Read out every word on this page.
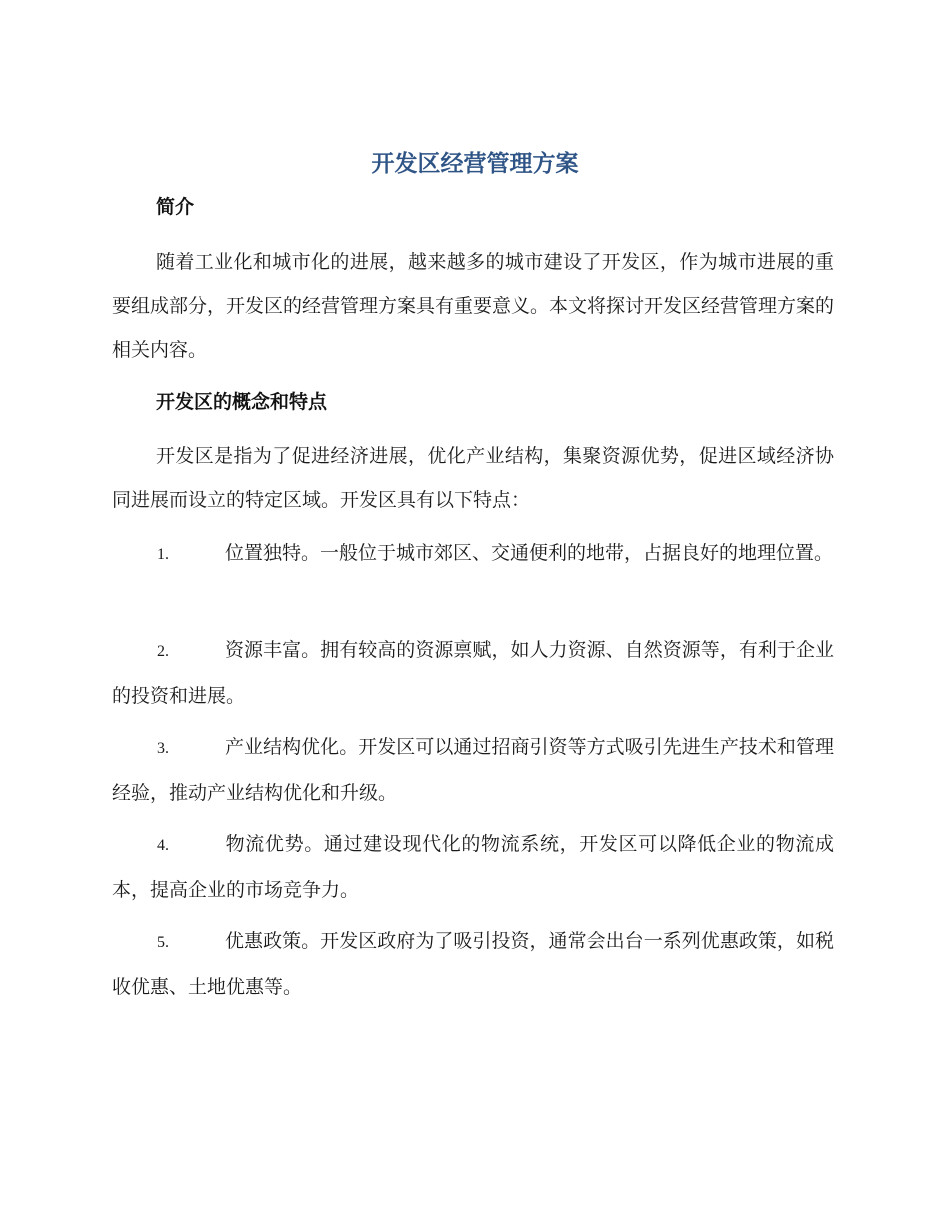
开发区经营管理方案
简介

随着工业化和城市化的进展，越来越多的城市建设了开发区，作为城市进展的重要组成部分，开发区的经营管理方案具有重要意义。本文将探讨开发区经营管理方案的相关内容。

开发区的概念和特点

开发区是指为了促进经济进展，优化产业结构，集聚资源优势，促进区域经济协同进展而设立的特定区域。开发区具有以下特点：

1.	位置独特。一般位于城市郊区、交通便利的地带，占据良好的地理位置。

2.	资源丰富。拥有较高的资源禀赋，如人力资源、自然资源等，有利于企业的投资和进展。

3.	产业结构优化。开发区可以通过招商引资等方式吸引先进生产技术和管理经验，推动产业结构优化和升级。

4.	物流优势。通过建设现代化的物流系统，开发区可以降低企业的物流成本，提高企业的市场竞争力。

5.	优惠政策。开发区政府为了吸引投资，通常会出台一系列优惠政策，如税收优惠、土地优惠等。
